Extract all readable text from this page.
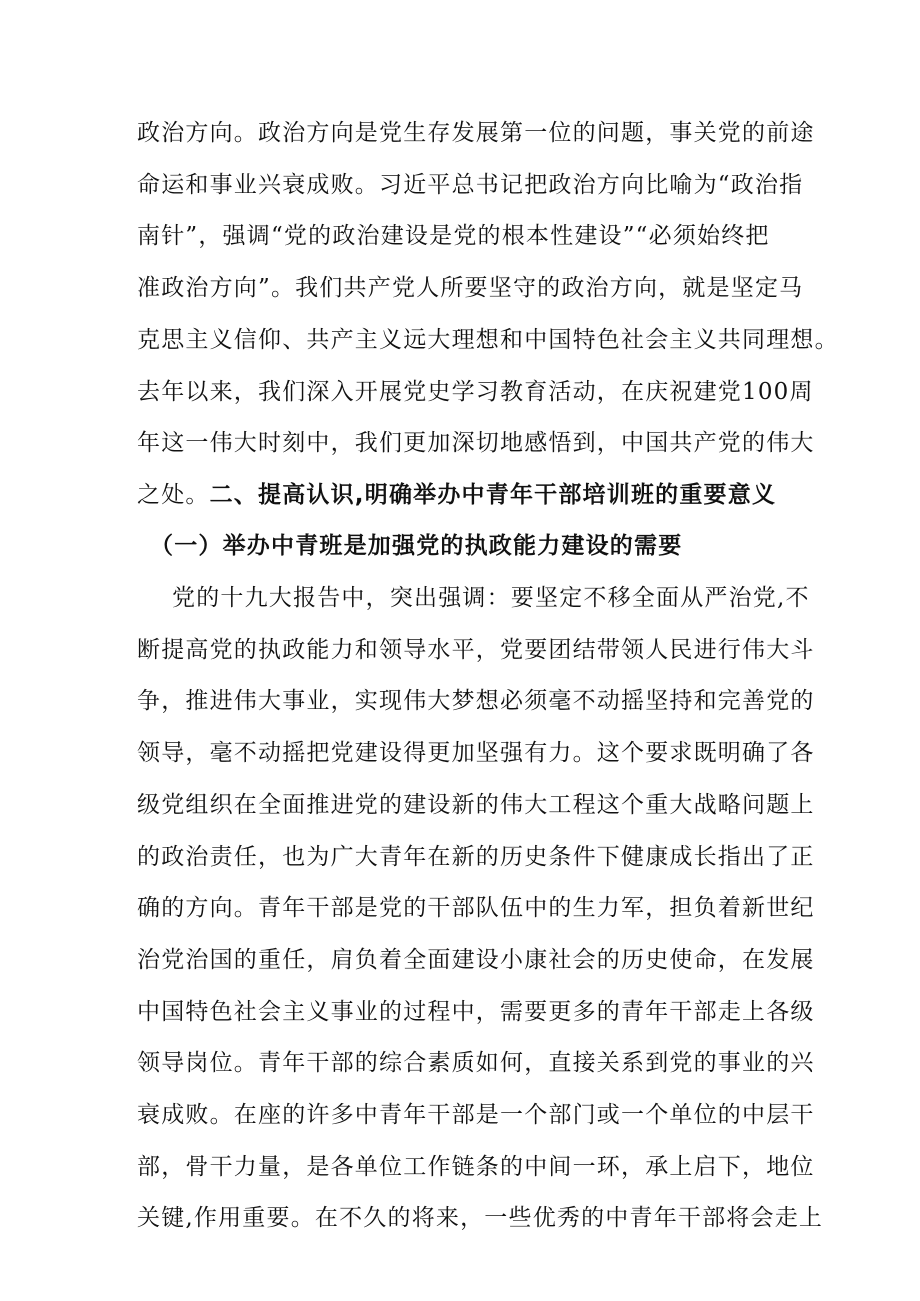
政治方向。政治方向是党生存发展第一位的问题，事关党的前途
命运和事业兴衰成败。习近平总书记把政治方向比喻为“政治指
南针”，强调“党的政治建设是党的根本性建设”“必须始终把
准政治方向”。我们共产党人所要坚守的政治方向，就是坚定马
克思主义信仰、共产主义远大理想和中国特色社会主义共同理想。
去年以来，我们深入开展党史学习教育活动，在庆祝建党100周
年这一伟大时刻中，我们更加深切地感悟到，中国共产党的伟大
之处。二、提高认识,明确举办中青年干部培训班的重要意义
（一）举办中青班是加强党的执政能力建设的需要
党的十九大报告中，突出强调：要坚定不移全面从严治党,不
断提高党的执政能力和领导水平，党要团结带领人民进行伟大斗
争，推进伟大事业，实现伟大梦想必须毫不动摇坚持和完善党的
领导，毫不动摇把党建设得更加坚强有力。这个要求既明确了各
级党组织在全面推进党的建设新的伟大工程这个重大战略问题上
的政治责任，也为广大青年在新的历史条件下健康成长指出了正
确的方向。青年干部是党的干部队伍中的生力军，担负着新世纪
治党治国的重任，肩负着全面建设小康社会的历史使命，在发展
中国特色社会主义事业的过程中，需要更多的青年干部走上各级
领导岗位。青年干部的综合素质如何，直接关系到党的事业的兴
衰成败。在座的许多中青年干部是一个部门或一个单位的中层干
部，骨干力量，是各单位工作链条的中间一环，承上启下，地位
关键,作用重要。在不久的将来，一些优秀的中青年干部将会走上
